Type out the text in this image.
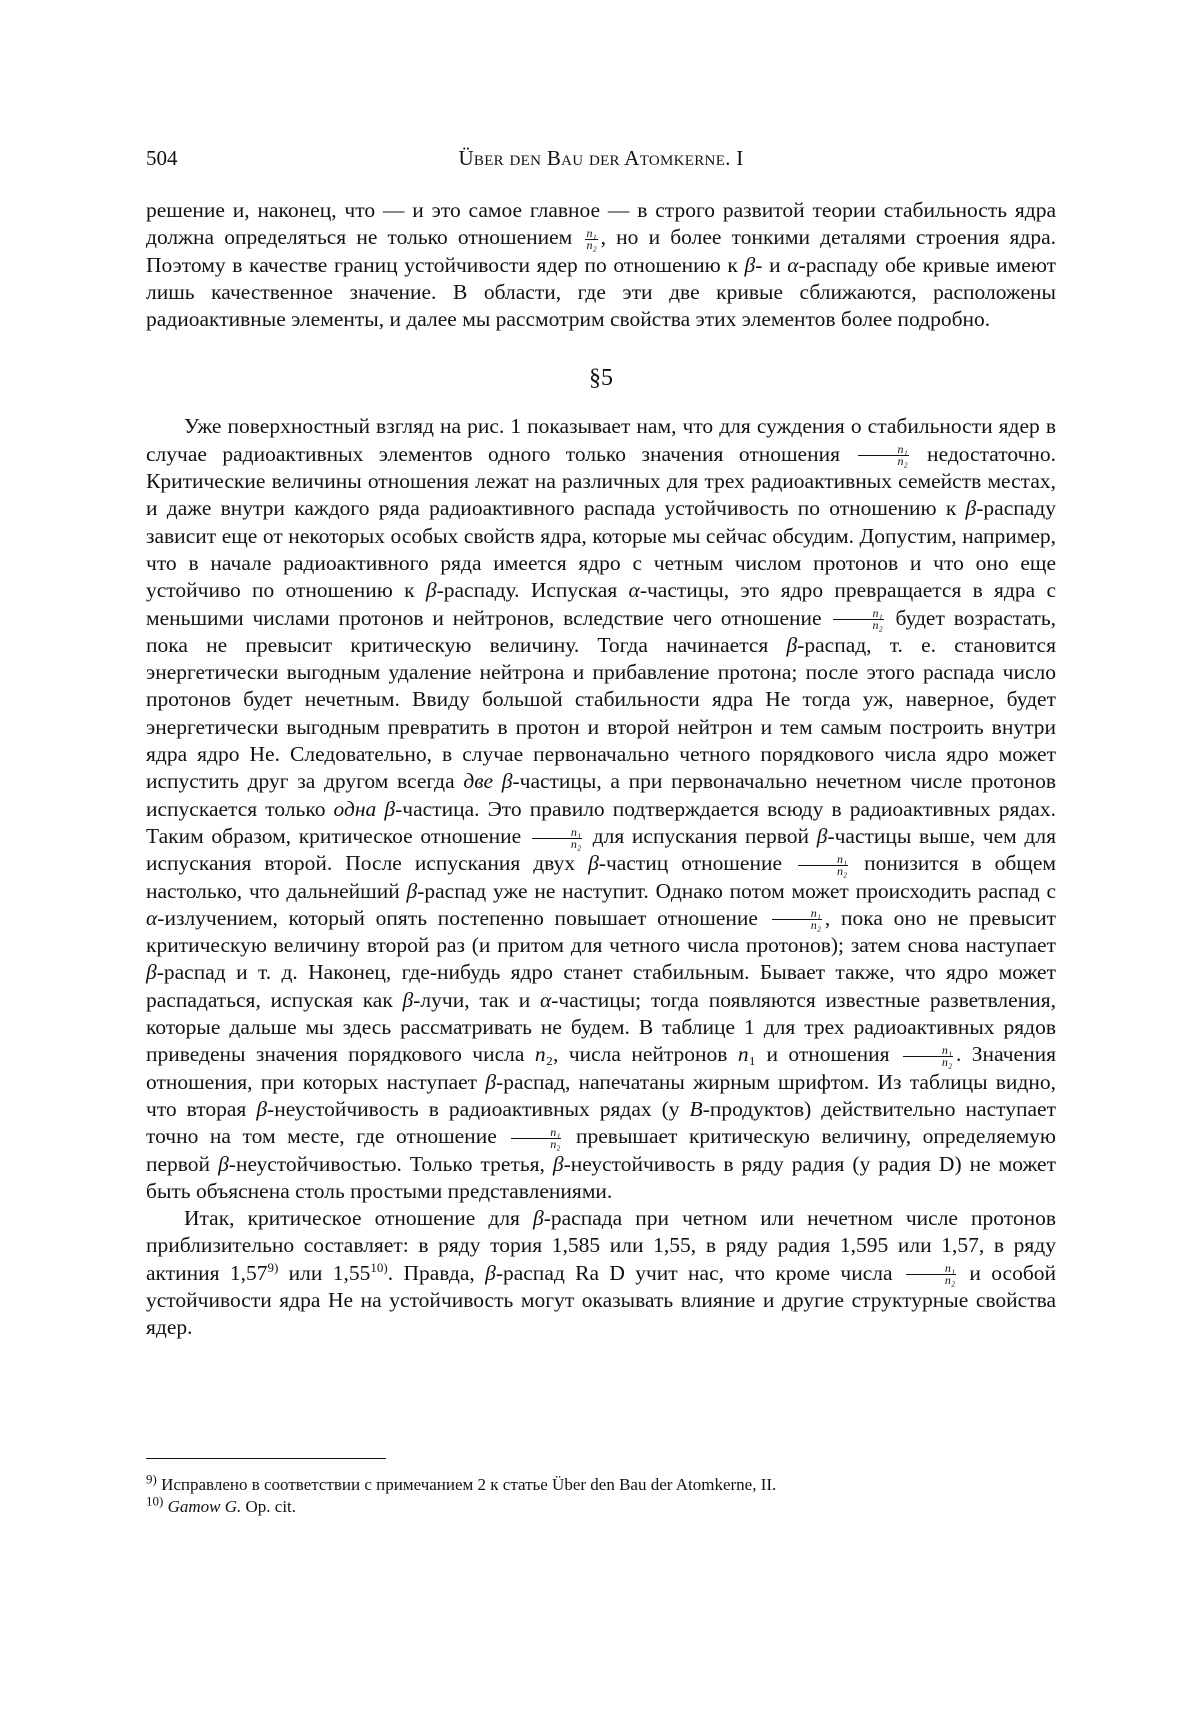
504	Über den Bau der Atomkerne. I

решение и, наконец, что — и это самое главное — в строго развитой теории стабильность ядра должна определяться не только отношением $\frac{\text{n₁}}{\text{n₂}}$ , но и более тонкими деталями строения ядра. Поэтому в качестве границ устойчивости ядер по отношению к β- и α-распаду обе кривые имеют лишь качественное значение. В области, где эти две кривые сближаются, расположены радиоактивные элементы, и далее мы рассмотрим свойства этих элементов более подробно.

§5

Уже поверхностный взгляд на рис. 1 показывает нам, что для суждения о стабильности ядер в случае радиоактивных элементов одного только значения отношения $\frac{\text{n₁}}{\text{n₂}}$ недостаточно. Критические величины отношения лежат на различных для трех радиоактивных семейств местах, и даже внутри каждого ряда радиоактивного распада устойчивость по отношению к β-распаду зависит еще от некоторых особых свойств ядра, которые мы сейчас обсудим. Допустим, например, что в начале радиоактивного ряда имеется ядро с четным числом протонов и что оно еще устойчиво по отношению к β-распаду. Испуская α-частицы, это ядро превращается в ядра с меньшими числами протонов и нейтронов, вследствие чего отношение $\frac{\text{n₁}}{\text{n₂}}$ будет возрастать, пока не превысит критическую величину. Тогда начинается β-распад, т. е. становится энергетически выгодным удаление нейтрона и прибавление протона; после этого распада число протонов будет нечетным. Ввиду большой стабильности ядра Не тогда уж, наверное, будет энергетически выгодным превратить в протон и второй нейтрон и тем самым построить внутри ядра ядро Не. Следовательно, в случае первоначально четного порядкового числа ядро может испустить друг за другом всегда две β-частицы, а при первоначально нечетном числе протонов испускается только одна β-частица. Это правило подтверждается всюду в радиоактивных рядах. Таким образом, критическое отношение $\frac{\text{n₁}}{\text{n₂}}$ для испускания первой β-частицы выше, чем для испускания второй. После испускания двух β-частиц отношение $\frac{\text{n₁}}{\text{n₂}}$ понизится в общем настолько, что дальнейший β-распад уже не наступит. Однако потом может происходить распад с α-излучением, который опять постепенно повышает отношение $\frac{\text{n₁}}{\text{n₂}}$ , пока оно не превысит критическую величину второй раз (и притом для четного числа протонов); затем снова наступает β-распад и т. д. Наконец, где-нибудь ядро станет стабильным. Бывает также, что ядро может распадаться, испуская как β-лучи, так и α-частицы; тогда появляются известные разветвления, которые дальше мы здесь рассматривать не будем. В таблице 1 для трех радиоактивных рядов приведены значения порядкового числа n₂, числа нейтронов n₁ и отношения $\frac{\text{n₁}}{\text{n₂}}$ . Значения отношения, при которых наступает β-распад, напечатаны жирным шрифтом. Из таблицы видно, что вторая β-неустойчивость в радиоактивных рядах (у B-продуктов) действительно наступает точно на том месте, где отношение $\frac{\text{n₁}}{\text{n₂}}$ превышает критическую величину, определяемую первой β-неустойчивостью. Только третья, β-неустойчивость в ряду радия (у радия D) не может быть объяснена столь простыми представлениями.

Итак, критическое отношение для β-распада при четном или нечетном числе протонов приблизительно составляет: в ряду тория 1,585 или 1,55, в ряду радия 1,595 или 1,57, в ряду актиния 1,57$^{9)}$ или 1,55$^{10)}$. Правда, β-распад Ra D учит нас, что кроме числа $\frac{\text{n₁}}{\text{n₂}}$ и особой устойчивости ядра Не на устойчивость могут оказывать влияние и другие структурные свойства ядер.

$^{9)}$ Исправлено в соответствии с примечанием 2 к статье Über den Bau der Atomkerne, II.

$^{10)}$ Gamow G. Op. cit.
